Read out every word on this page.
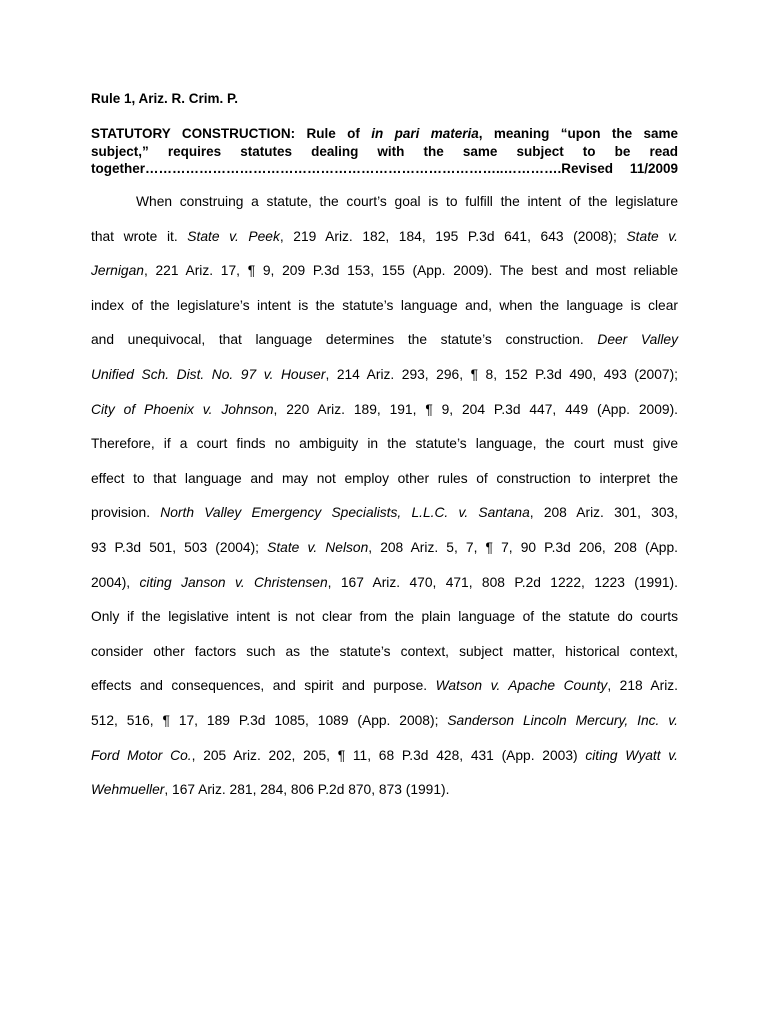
Rule 1, Ariz. R. Crim. P.
STATUTORY CONSTRUCTION: Rule of in pari materia, meaning “upon the same
subject,” requires statutes dealing with the same subject to be read
together……………………………………………………………………..………….Revised 11/2009
When construing a statute, the court’s goal is to fulfill the intent of the legislature
that wrote it. State v. Peek, 219 Ariz. 182, 184, 195 P.3d 641, 643 (2008); State v.
Jernigan, 221 Ariz. 17, ¶ 9, 209 P.3d 153, 155 (App. 2009). The best and most reliable
index of the legislature’s intent is the statute’s language and, when the language is clear
and unequivocal, that language determines the statute’s construction. Deer Valley
Unified Sch. Dist. No. 97 v. Houser, 214 Ariz. 293, 296, ¶ 8, 152 P.3d 490, 493 (2007);
City of Phoenix v. Johnson, 220 Ariz. 189, 191, ¶ 9, 204 P.3d 447, 449 (App. 2009).
Therefore, if a court finds no ambiguity in the statute’s language, the court must give
effect to that language and may not employ other rules of construction to interpret the
provision. North Valley Emergency Specialists, L.L.C. v. Santana, 208 Ariz. 301, 303,
93 P.3d 501, 503 (2004); State v. Nelson, 208 Ariz. 5, 7, ¶ 7, 90 P.3d 206, 208 (App.
2004), citing Janson v. Christensen, 167 Ariz. 470, 471, 808 P.2d 1222, 1223 (1991).
Only if the legislative intent is not clear from the plain language of the statute do courts
consider other factors such as the statute’s context, subject matter, historical context,
effects and consequences, and spirit and purpose. Watson v. Apache County, 218 Ariz.
512, 516, ¶ 17, 189 P.3d 1085, 1089 (App. 2008); Sanderson Lincoln Mercury, Inc. v.
Ford Motor Co., 205 Ariz. 202, 205, ¶ 11, 68 P.3d 428, 431 (App. 2003) citing Wyatt v.
Wehmueller, 167 Ariz. 281, 284, 806 P.2d 870, 873 (1991).
